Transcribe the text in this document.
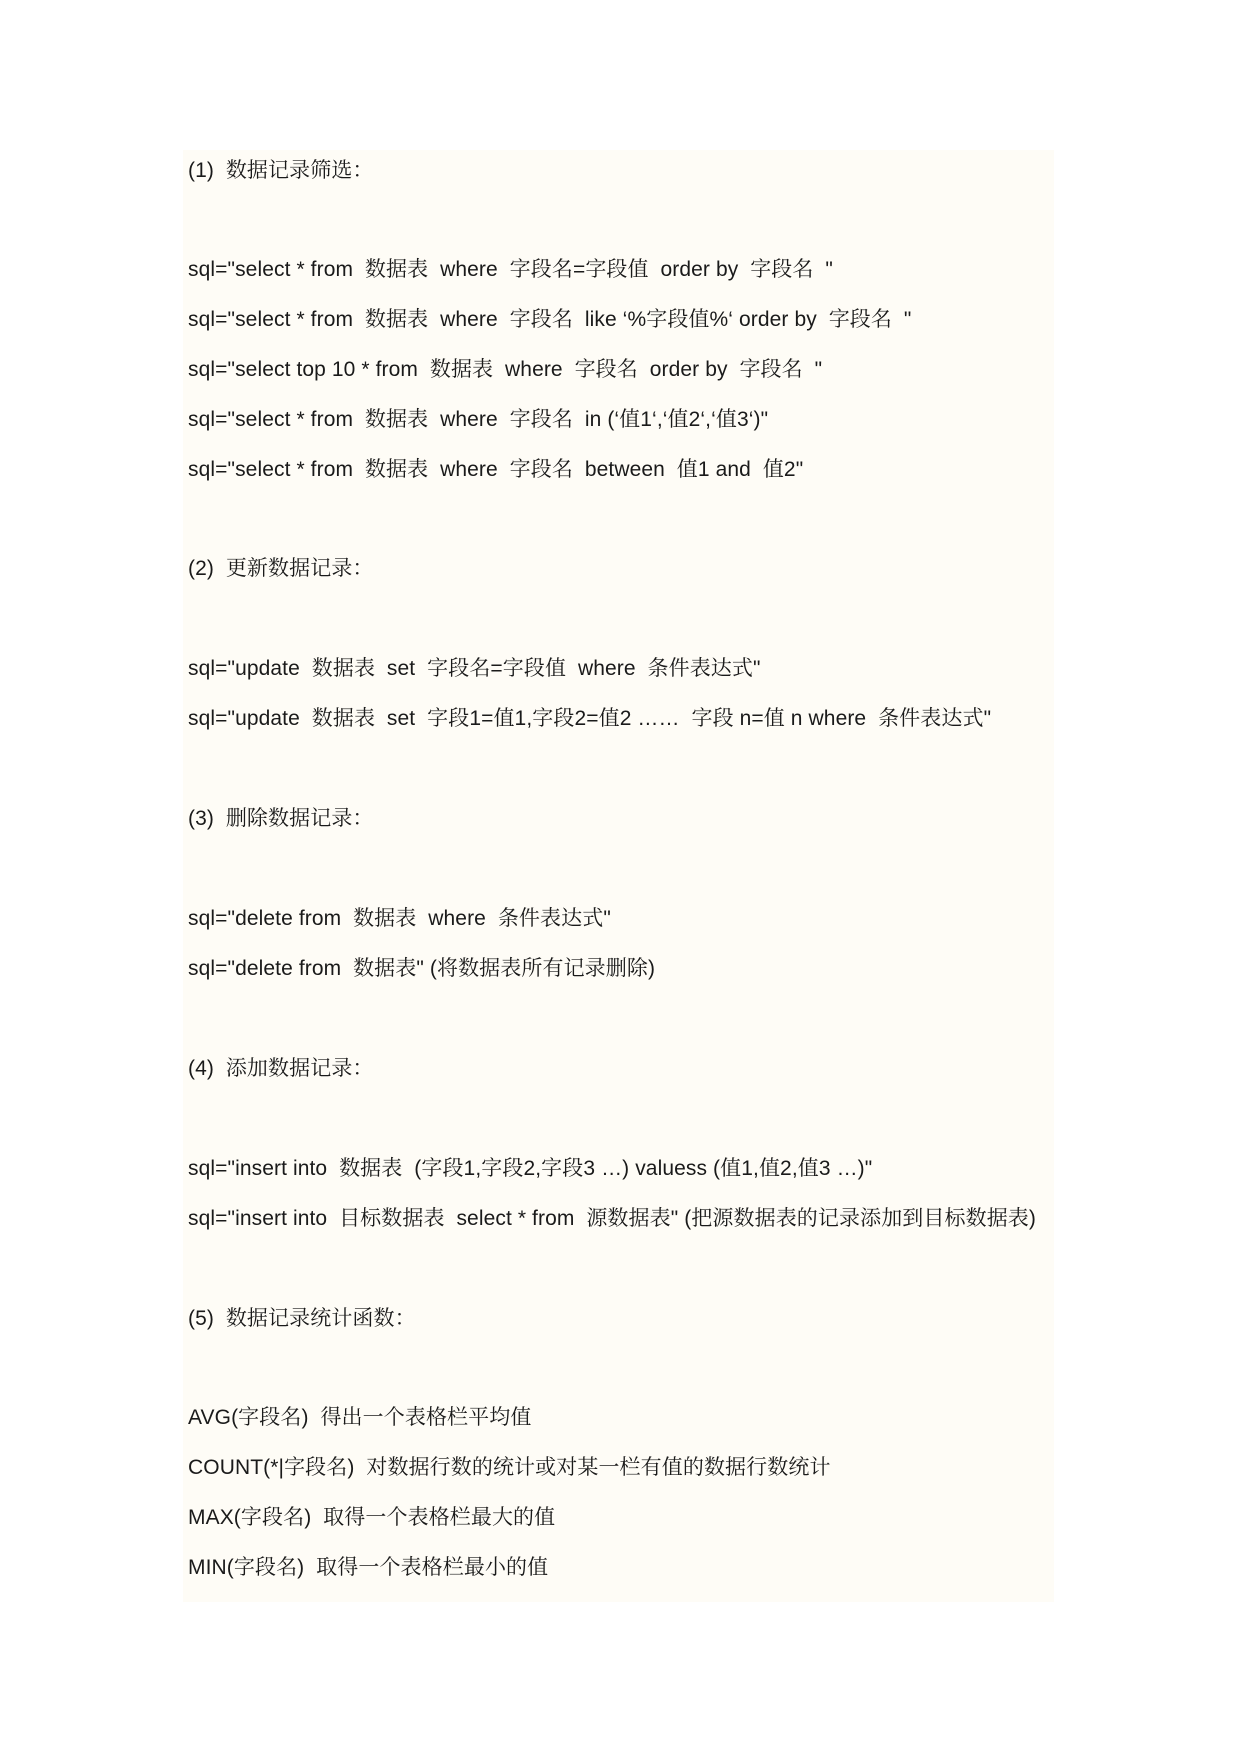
(1)  数据记录筛选：
sql="select * from  数据表  where  字段名=字段值  order by  字段名  "
sql="select * from  数据表  where  字段名  like ‘%字段值%‘ order by  字段名  "
sql="select top 10 * from  数据表  where  字段名  order by  字段名  "
sql="select * from  数据表  where  字段名  in (‘值1‘,‘值2‘,‘值3‘)"
sql="select * from  数据表  where  字段名  between  值1 and  值2"
(2)  更新数据记录：
sql="update  数据表  set  字段名=字段值  where  条件表达式"
sql="update  数据表  set  字段1=值1,字段2=值2 ……  字段 n=值 n where  条件表达式"
(3)  删除数据记录：
sql="delete from  数据表  where  条件表达式"
sql="delete from  数据表" (将数据表所有记录删除)
(4)  添加数据记录：
sql="insert into  数据表  (字段1,字段2,字段3 …) valuess (值1,值2,值3 …)"
sql="insert into  目标数据表  select * from  源数据表" (把源数据表的记录添加到目标数据表)
(5)  数据记录统计函数：
AVG(字段名)  得出一个表格栏平均值
COUNT(*|字段名)  对数据行数的统计或对某一栏有值的数据行数统计
MAX(字段名)  取得一个表格栏最大的值
MIN(字段名)  取得一个表格栏最小的值
